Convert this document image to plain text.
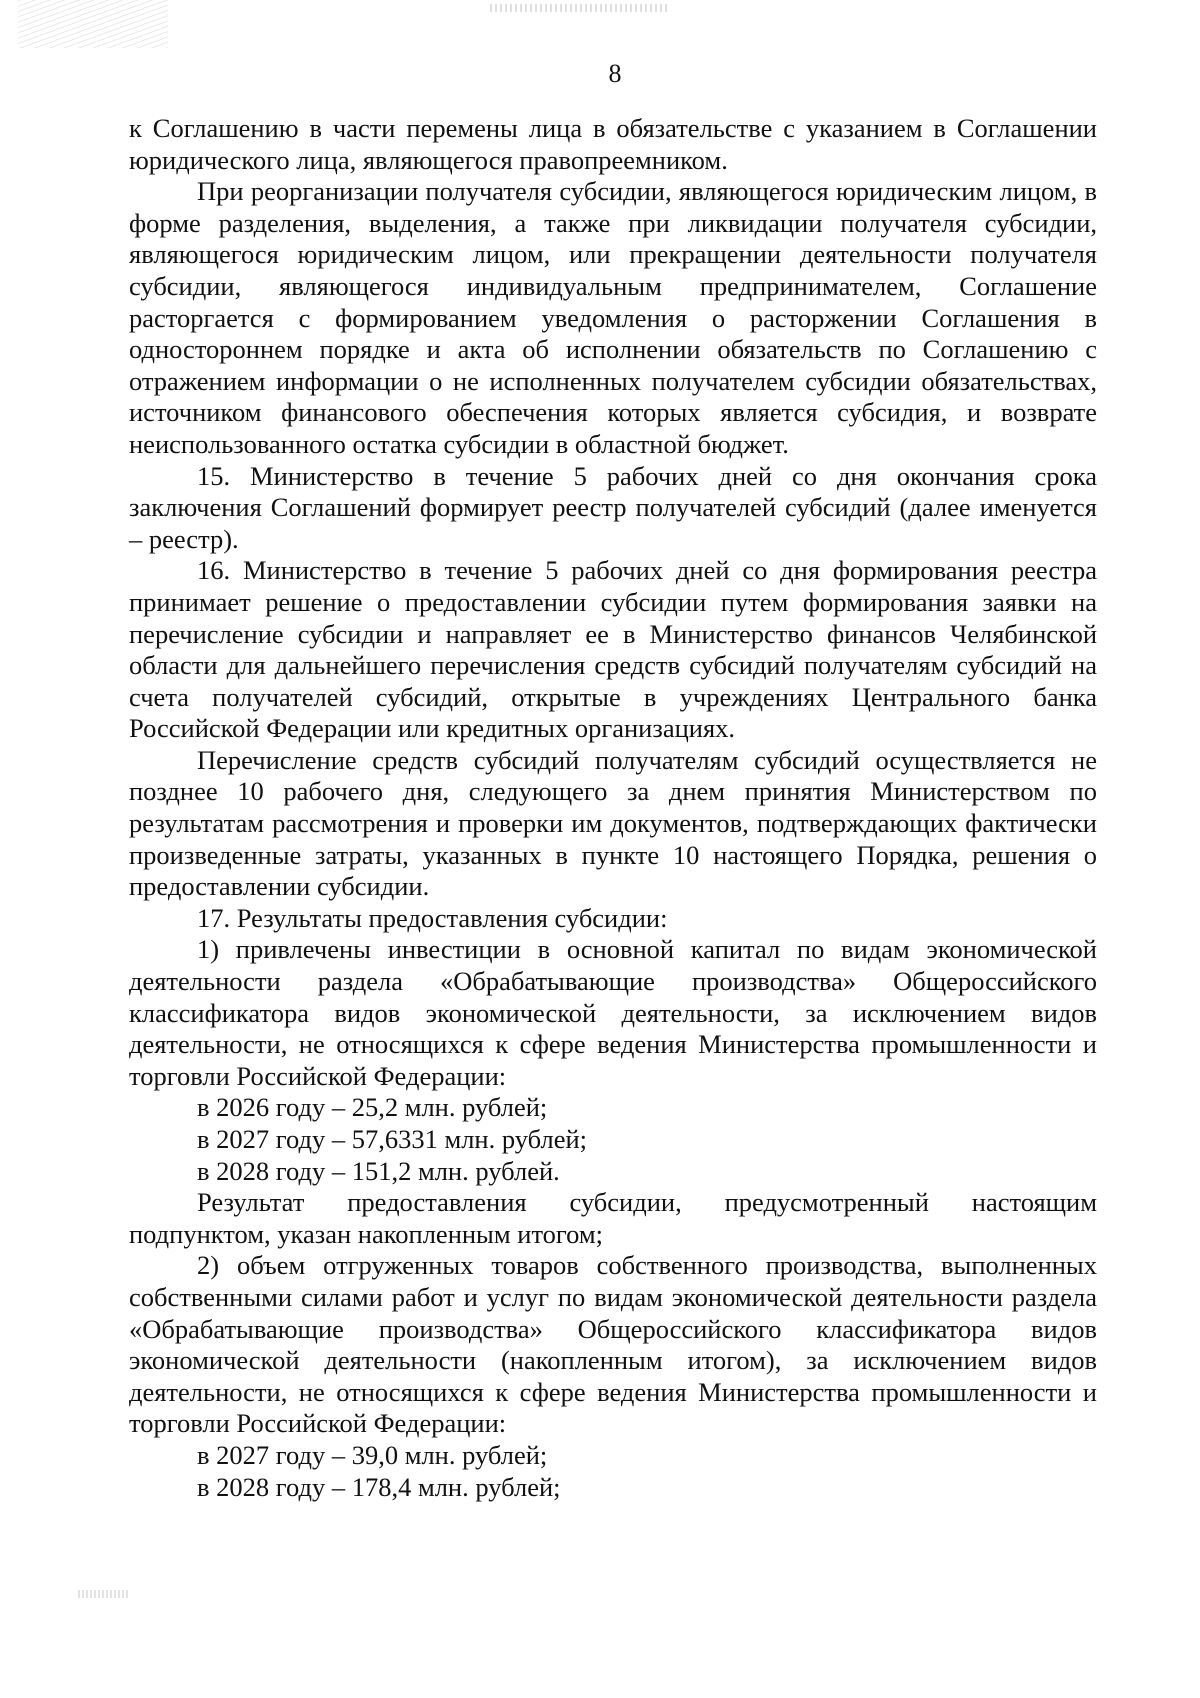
8

к Соглашению в части перемены лица в обязательстве с указанием в Соглашении юридического лица, являющегося правопреемником.

При реорганизации получателя субсидии, являющегося юридическим лицом, в форме разделения, выделения, а также при ликвидации получателя субсидии, являющегося юридическим лицом, или прекращении деятельности получателя субсидии, являющегося индивидуальным предпринимателем, Соглашение расторгается с формированием уведомления о расторжении Соглашения в одностороннем порядке и акта об исполнении обязательств по Соглашению с отражением информации о не исполненных получателем субсидии обязательствах, источником финансового обеспечения которых является субсидия, и возврате неиспользованного остатка субсидии в областной бюджет.

15. Министерство в течение 5 рабочих дней со дня окончания срока заключения Соглашений формирует реестр получателей субсидий (далее именуется – реестр).

16. Министерство в течение 5 рабочих дней со дня формирования реестра принимает решение о предоставлении субсидии путем формирования заявки на перечисление субсидии и направляет ее в Министерство финансов Челябинской области для дальнейшего перечисления средств субсидий получателям субсидий на счета получателей субсидий, открытые в учреждениях Центрального банка Российской Федерации или кредитных организациях.

Перечисление средств субсидий получателям субсидий осуществляется не позднее 10 рабочего дня, следующего за днем принятия Министерством по результатам рассмотрения и проверки им документов, подтверждающих фактически произведенные затраты, указанных в пункте 10 настоящего Порядка, решения о предоставлении субсидии.

17. Результаты предоставления субсидии:

1) привлечены инвестиции в основной капитал по видам экономической деятельности раздела «Обрабатывающие производства» Общероссийского классификатора видов экономической деятельности, за исключением видов деятельности, не относящихся к сфере ведения Министерства промышленности и торговли Российской Федерации:

в 2026 году – 25,2 млн. рублей;

в 2027 году – 57,6331 млн. рублей;

в 2028 году – 151,2 млн. рублей.

Результат предоставления субсидии, предусмотренный настоящим подпунктом, указан накопленным итогом;

2) объем отгруженных товаров собственного производства, выполненных собственными силами работ и услуг по видам экономической деятельности раздела «Обрабатывающие производства» Общероссийского классификатора видов экономической деятельности (накопленным итогом), за исключением видов деятельности, не относящихся к сфере ведения Министерства промышленности и торговли Российской Федерации:

в 2027 году – 39,0 млн. рублей;

в 2028 году – 178,4 млн. рублей;
